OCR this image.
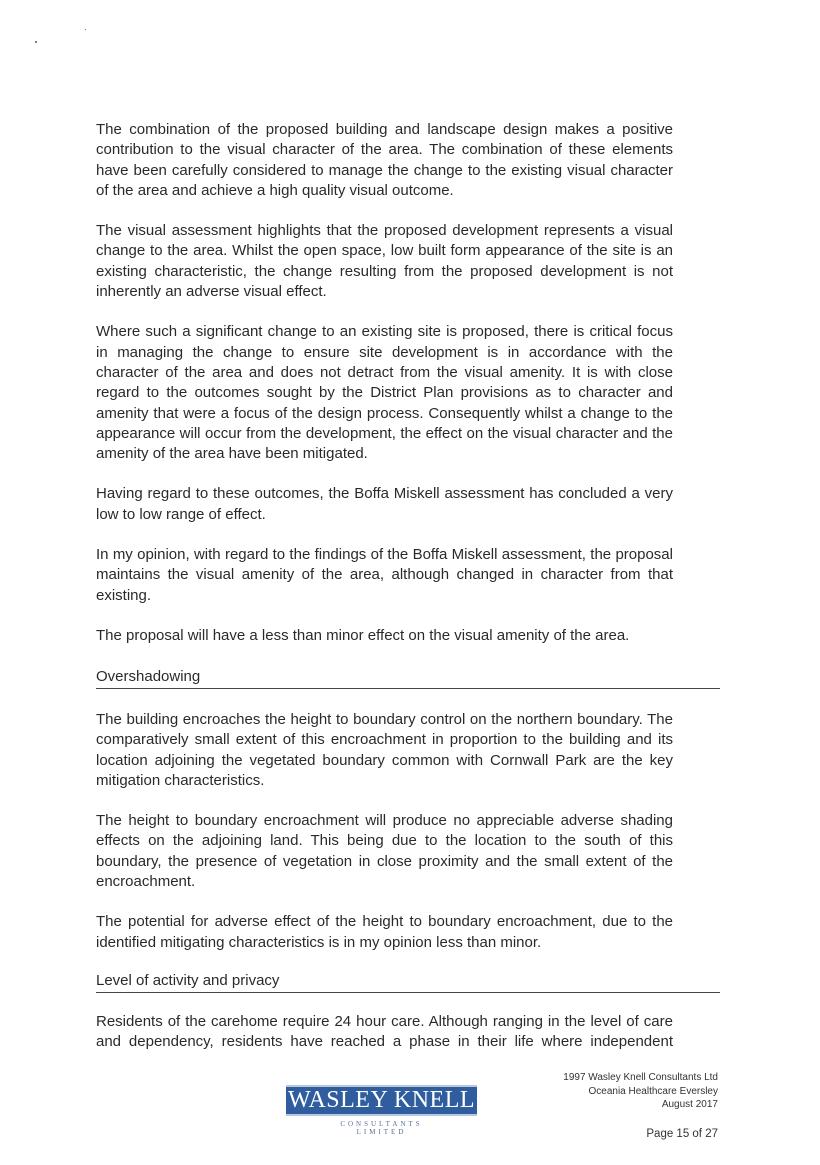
The combination of the proposed building and landscape design makes a positive contribution to the visual character of the area. The combination of these elements have been carefully considered to manage the change to the existing visual character of the area and achieve a high quality visual outcome.

The visual assessment highlights that the proposed development represents a visual change to the area. Whilst the open space, low built form appearance of the site is an existing characteristic, the change resulting from the proposed development is not inherently an adverse visual effect.

Where such a significant change to an existing site is proposed, there is critical focus in managing the change to ensure site development is in accordance with the character of the area and does not detract from the visual amenity. It is with close regard to the outcomes sought by the District Plan provisions as to character and amenity that were a focus of the design process. Consequently whilst a change to the appearance will occur from the development, the effect on the visual character and the amenity of the area have been mitigated.

Having regard to these outcomes, the Boffa Miskell assessment has concluded a very low to low range of effect.

In my opinion, with regard to the findings of the Boffa Miskell assessment, the proposal maintains the visual amenity of the area, although changed in character from that existing.

The proposal will have a less than minor effect on the visual amenity of the area.

Overshadowing

The building encroaches the height to boundary control on the northern boundary. The comparatively small extent of this encroachment in proportion to the building and its location adjoining the vegetated boundary common with Cornwall Park are the key mitigation characteristics.

The height to boundary encroachment will produce no appreciable adverse shading effects on the adjoining land. This being due to the location to the south of this boundary, the presence of vegetation in close proximity and the small extent of the encroachment.

The potential for adverse effect of the height to boundary encroachment, due to the identified mitigating characteristics is in my opinion less than minor.

Level of activity and privacy

Residents of the carehome require 24 hour care. Although ranging in the level of care and dependency, residents have reached a phase in their life where independent

WASLEY KNELL
CONSULTANTS
LIMITED
1997 Wasley Knell Consultants Ltd
Oceania Healthcare Eversley
August 2017
Page 15 of 27
